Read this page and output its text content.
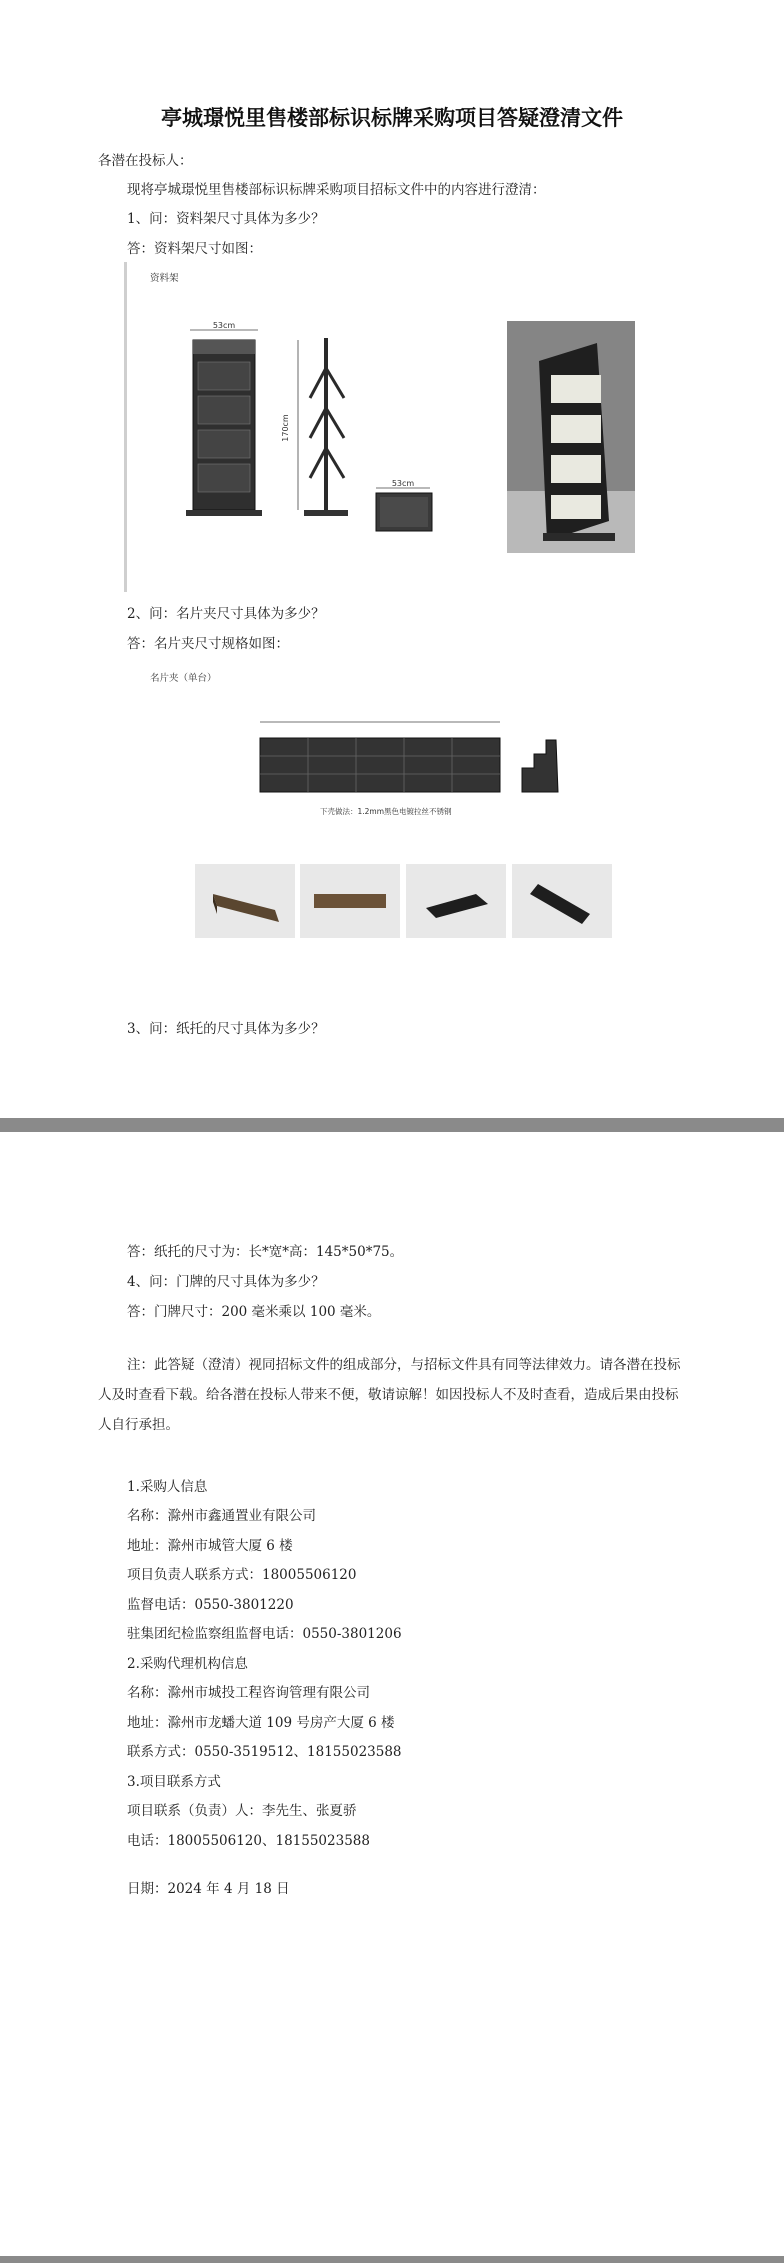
亭城璟悦里售楼部标识标牌采购项目答疑澄清文件
各潜在投标人：
现将亭城璟悦里售楼部标识标牌采购项目招标文件中的内容进行澄清：
1、问：资料架尺寸具体为多少？
答：资料架尺寸如图：
资料架
53cm
170cm
53cm
2、问：名片夹尺寸具体为多少？
答：名片夹尺寸规格如图：
名片夹（单台）
下壳做法：1.2mm黑色电镀拉丝不锈钢
3、问：纸托的尺寸具体为多少？
答：纸托的尺寸为：长*宽*高：145*50*75。
4、问：门牌的尺寸具体为多少？
答：门牌尺寸：200 毫米乘以 100 毫米。
注：此答疑（澄清）视同招标文件的组成部分，与招标文件具有同等法律效力。请各潜在投标人及时查看下载。给各潜在投标人带来不便，敬请谅解！如因投标人不及时查看，造成后果由投标人自行承担。
1.采购人信息
名称：滁州市鑫通置业有限公司
地址：滁州市城管大厦 6 楼
项目负责人联系方式：18005506120
监督电话：0550-3801220
驻集团纪检监察组监督电话：0550-3801206
2.采购代理机构信息
名称：滁州市城投工程咨询管理有限公司
地址：滁州市龙蟠大道 109 号房产大厦 6 楼
联系方式：0550-3519512、18155023588
3.项目联系方式
项目联系（负责）人：李先生、张夏骄
电话：18005506120、18155023588
日期：2024 年 4 月 18 日
